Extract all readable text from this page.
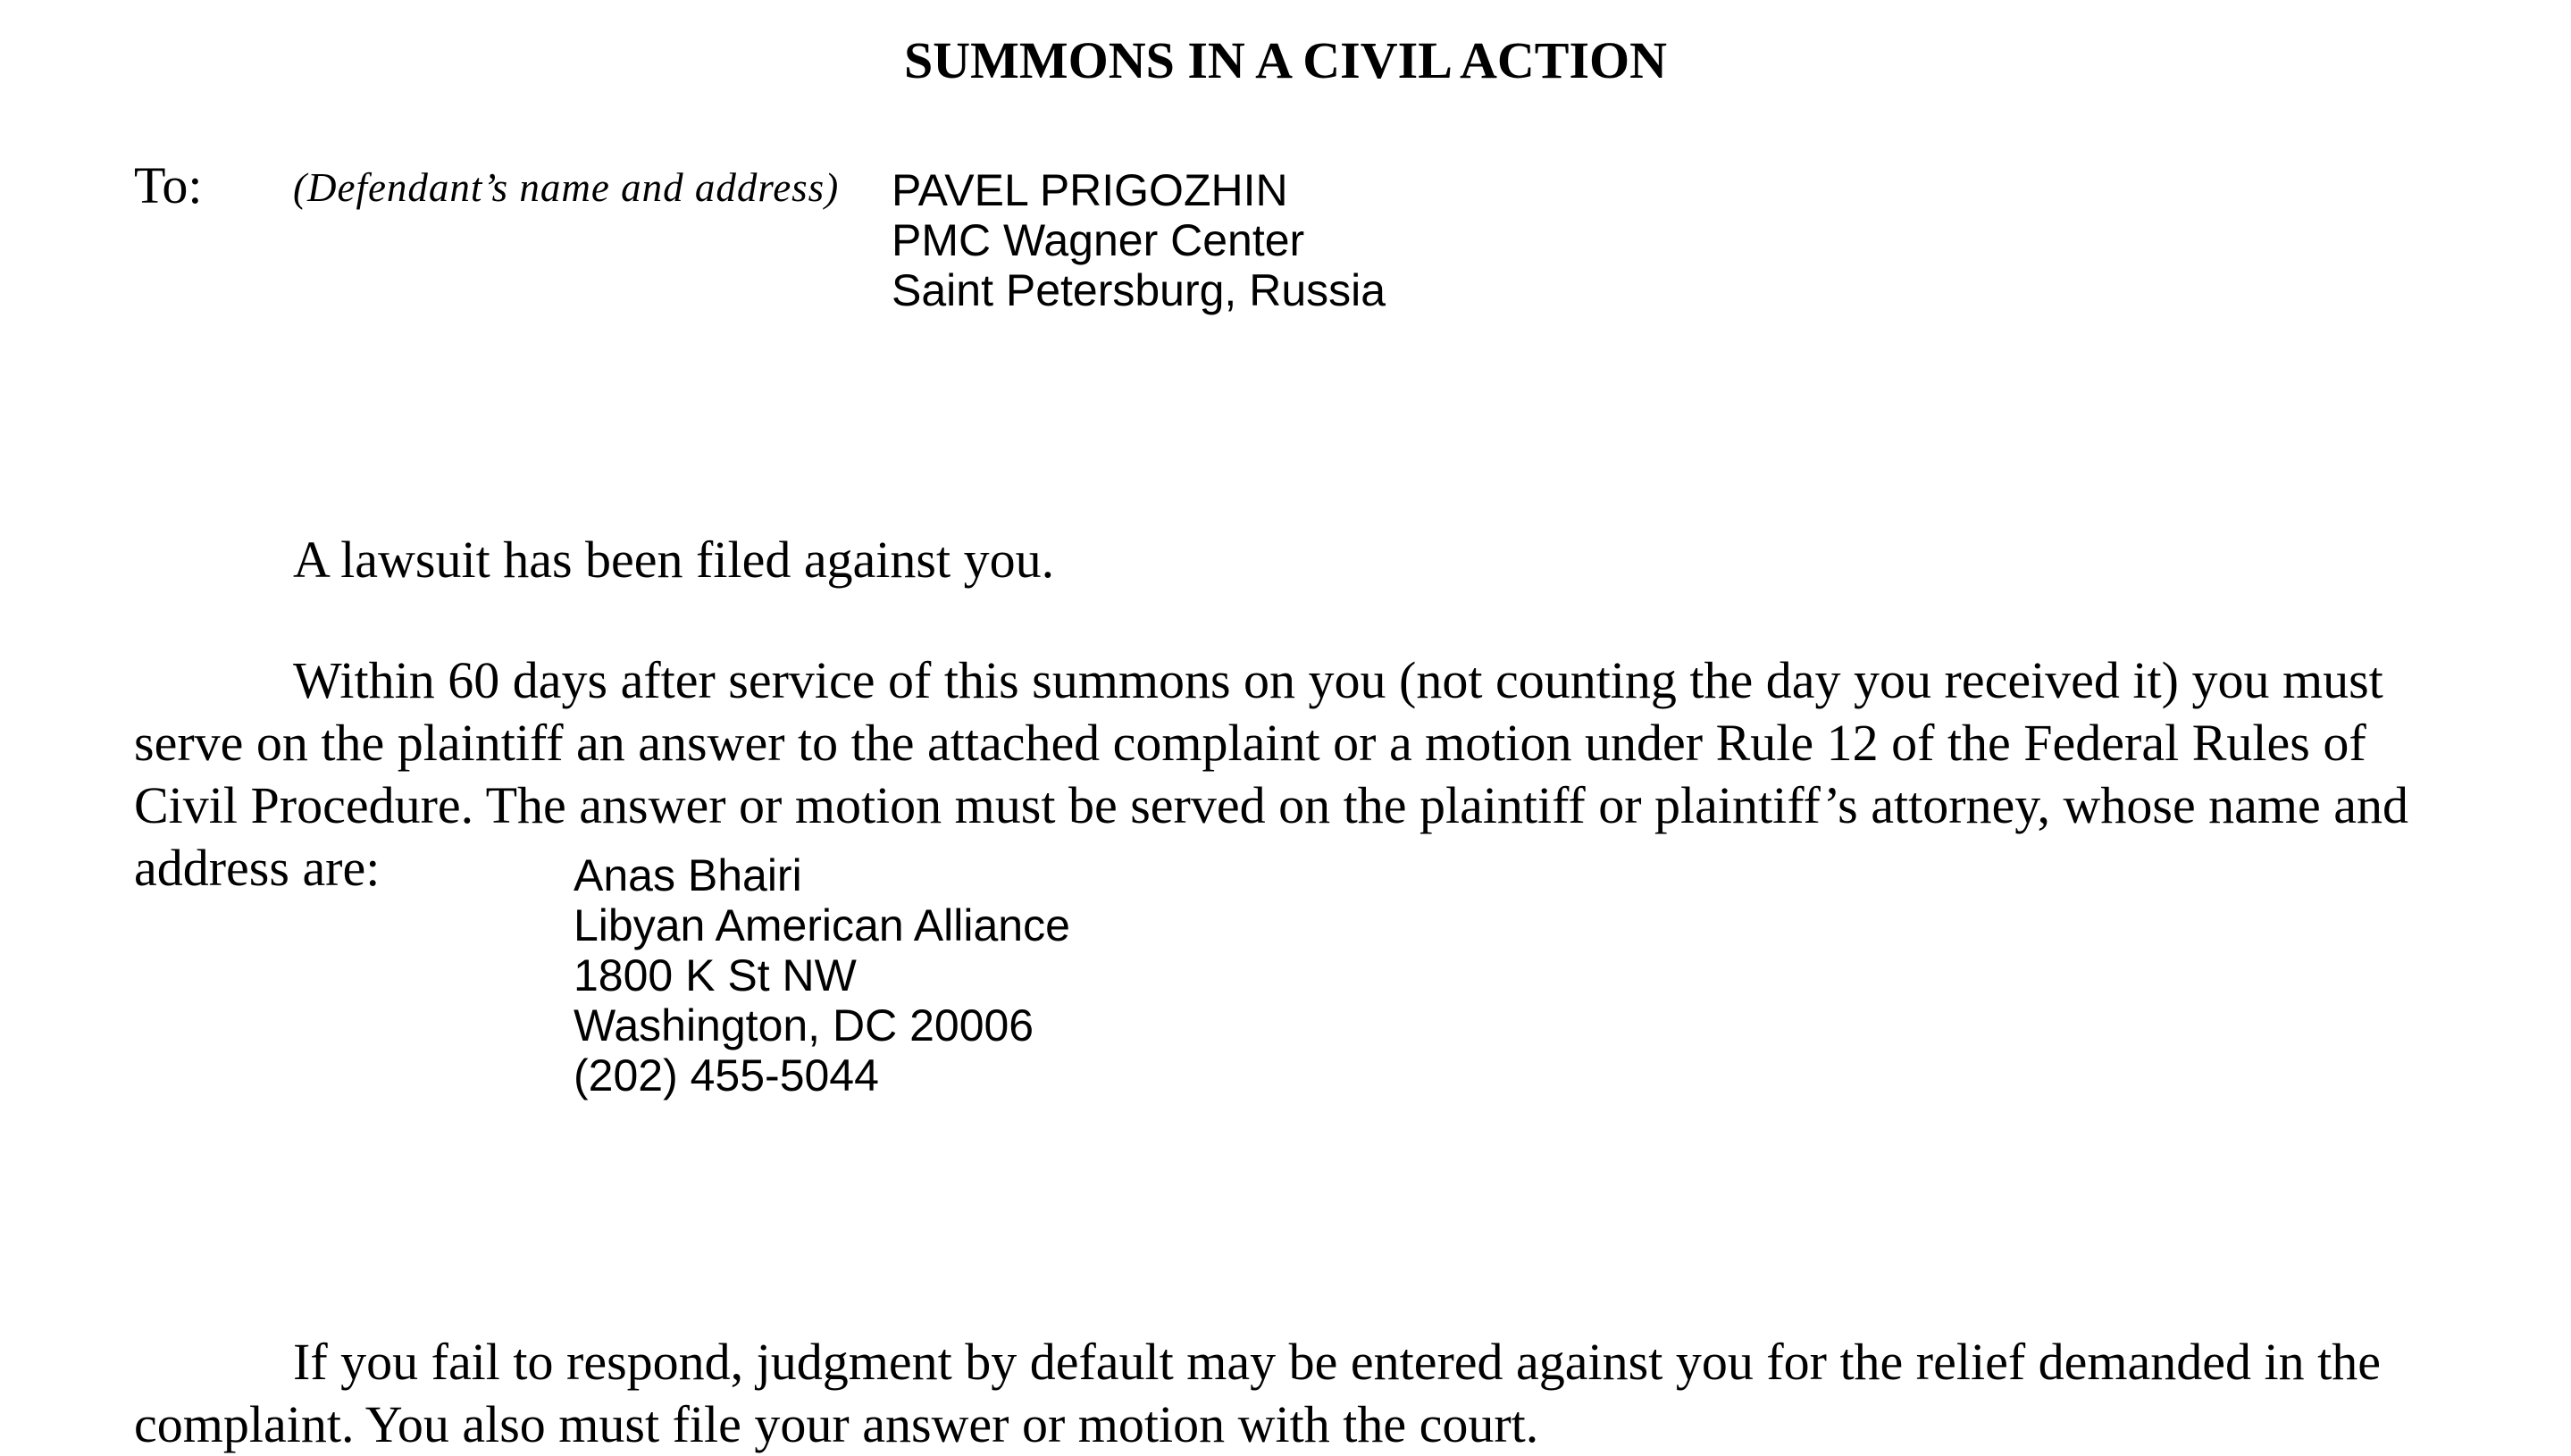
SUMMONS IN A CIVIL ACTION
To: (Defendant’s name and address) PAVEL PRIGOZHIN
PMC Wagner Center
Saint Petersburg, Russia
A lawsuit has been filed against you.
Within 60 days after service of this summons on you (not counting the day you received it) you must
serve on the plaintiff an answer to the attached complaint or a motion under Rule 12 of the Federal Rules of
Civil Procedure. The answer or motion must be served on the plaintiff or plaintiff’s attorney, whose name and
address are:	Anas Bhairi
Libyan American Alliance
1800 K St NW
Washington, DC 20006
(202) 455-5044
If you fail to respond, judgment by default may be entered against you for the relief demanded in the
complaint. You also must file your answer or motion with the court.
